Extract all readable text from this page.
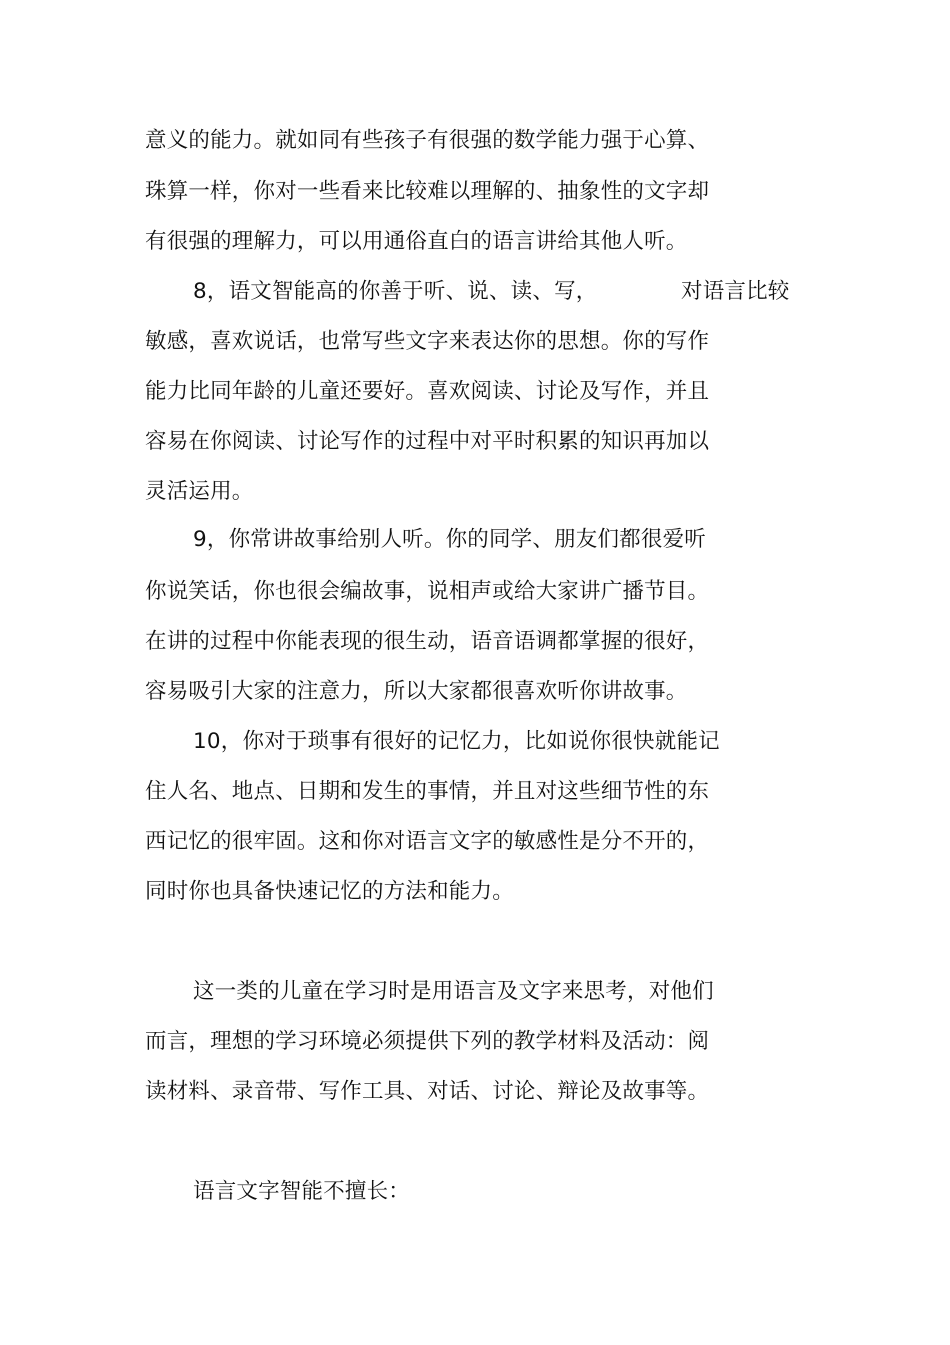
意义的能力。就如同有些孩子有很强的数学能力强于心算、
珠算一样，你对一些看来比较难以理解的、抽象性的文字却
有很强的理解力，可以用通俗直白的语言讲给其他人听。
8，语文智能高的你善于听、说、读、写，	对语言比较
敏感，喜欢说话，也常写些文字来表达你的思想。你的写作
能力比同年龄的儿童还要好。喜欢阅读、讨论及写作，并且
容易在你阅读、讨论写作的过程中对平时积累的知识再加以
灵活运用。
9，你常讲故事给别人听。你的同学、朋友们都很爱听
你说笑话，你也很会编故事，说相声或给大家讲广播节目。
在讲的过程中你能表现的很生动，语音语调都掌握的很好，
容易吸引大家的注意力，所以大家都很喜欢听你讲故事。
10，你对于琐事有很好的记忆力，比如说你很快就能记
住人名、地点、日期和发生的事情，并且对这些细节性的东
西记忆的很牢固。这和你对语言文字的敏感性是分不开的，
同时你也具备快速记忆的方法和能力。
这一类的儿童在学习时是用语言及文字来思考，对他们
而言，理想的学习环境必须提供下列的教学材料及活动：阅
读材料、录音带、写作工具、对话、讨论、辩论及故事等。
语言文字智能不擅长：
